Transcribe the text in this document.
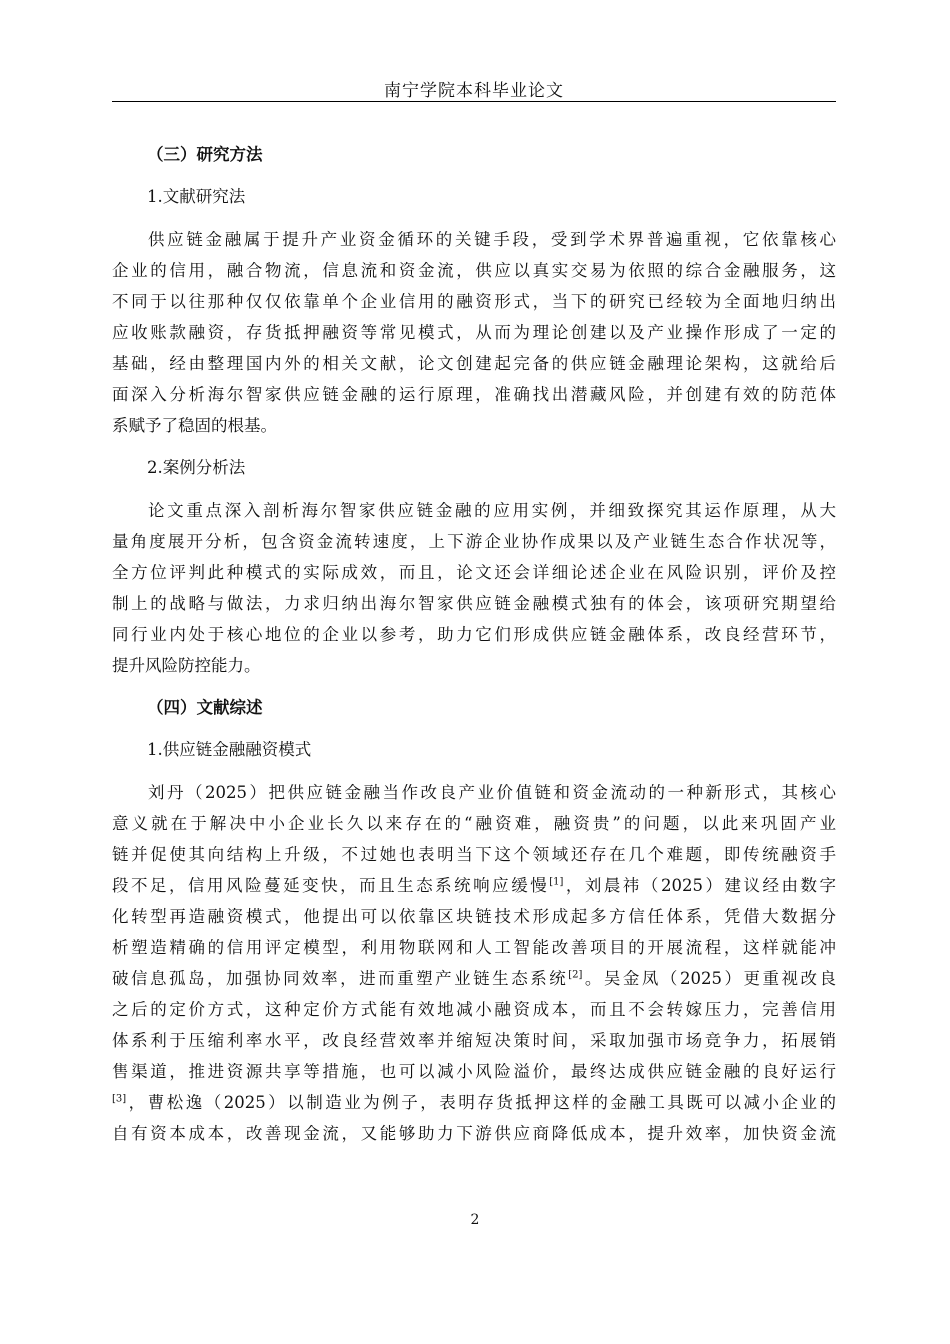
南宁学院本科毕业论文
（三）研究方法
1.文献研究法
供应链金融属于提升产业资金循环的关键手段，受到学术界普遍重视，它依靠核心
企业的信用，融合物流，信息流和资金流，供应以真实交易为依照的综合金融服务，这
不同于以往那种仅仅依靠单个企业信用的融资形式，当下的研究已经较为全面地归纳出
应收账款融资，存货抵押融资等常见模式，从而为理论创建以及产业操作形成了一定的
基础，经由整理国内外的相关文献，论文创建起完备的供应链金融理论架构，这就给后
面深入分析海尔智家供应链金融的运行原理，准确找出潜藏风险，并创建有效的防范体
系赋予了稳固的根基。
2.案例分析法
论文重点深入剖析海尔智家供应链金融的应用实例，并细致探究其运作原理，从大
量角度展开分析，包含资金流转速度，上下游企业协作成果以及产业链生态合作状况等，
全方位评判此种模式的实际成效，而且，论文还会详细论述企业在风险识别，评价及控
制上的战略与做法，力求归纳出海尔智家供应链金融模式独有的体会，该项研究期望给
同行业内处于核心地位的企业以参考，助力它们形成供应链金融体系，改良经营环节，
提升风险防控能力。
（四）文献综述
1.供应链金融融资模式
刘丹（2025）把供应链金融当作改良产业价值链和资金流动的一种新形式，其核心
意义就在于解决中小企业长久以来存在的“融资难，融资贵”的问题，以此来巩固产业
链并促使其向结构上升级，不过她也表明当下这个领域还存在几个难题，即传统融资手
段不足，信用风险蔓延变快，而且生态系统响应缓慢[1]，刘晨祎（2025）建议经由数字
化转型再造融资模式，他提出可以依靠区块链技术形成起多方信任体系，凭借大数据分
析塑造精确的信用评定模型，利用物联网和人工智能改善项目的开展流程，这样就能冲
破信息孤岛，加强协同效率，进而重塑产业链生态系统[2]。吴金凤（2025）更重视改良
之后的定价方式，这种定价方式能有效地减小融资成本，而且不会转嫁压力，完善信用
体系利于压缩利率水平，改良经营效率并缩短决策时间，采取加强市场竞争力，拓展销
售渠道，推进资源共享等措施，也可以减小风险溢价，最终达成供应链金融的良好运行
[3]，曹松逸（2025）以制造业为例子，表明存货抵押这样的金融工具既可以减小企业的
自有资本成本，改善现金流，又能够助力下游供应商降低成本，提升效率，加快资金流
2
